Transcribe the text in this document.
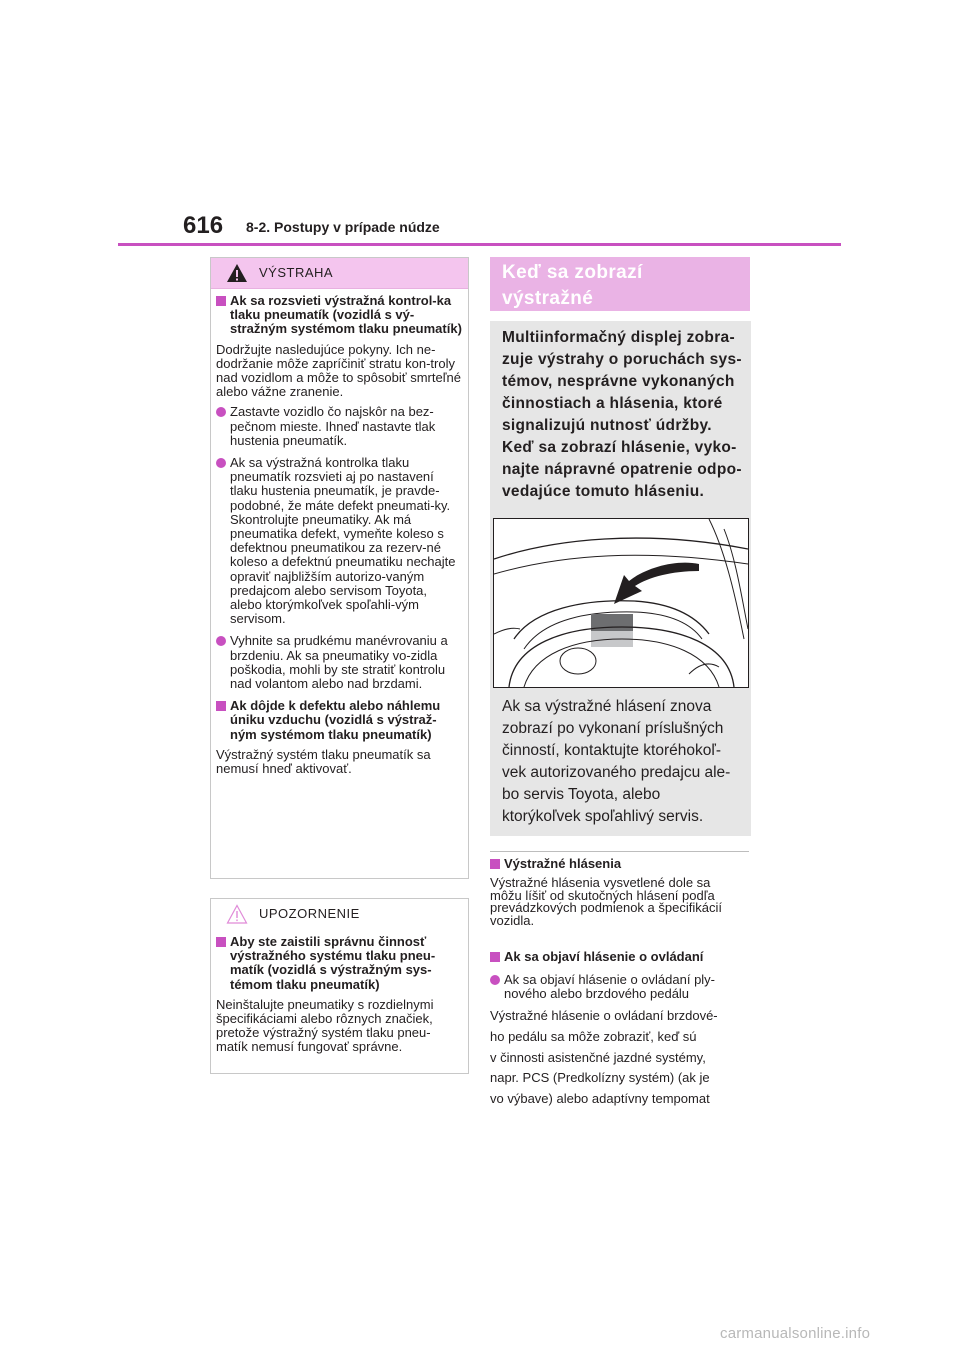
616 8-2. Postupy v prípade núdze
VÝSTRAHA
Ak sa rozsvieti výstražná kontrol-ka tlaku pneumatík (vozidlá s vý-stražným systémom tlaku pneumatík)
Dodržujte nasledujúce pokyny. Ich ne-dodržanie môže zapríčiniť stratu kon-troly nad vozidlom a môže to spôsobiť smrteľné alebo vážne zranenie.
Zastavte vozidlo čo najskôr na bez-pečnom mieste. Ihneď nastavte tlak hustenia pneumatík.
Ak sa výstražná kontrolka tlaku pneumatík rozsvieti aj po nastavení tlaku hustenia pneumatík, je pravde-podobné, že máte defekt pneumati-ky. Skontrolujte pneumatiky. Ak má pneumatika defekt, vymeňte koleso s defektnou pneumatikou za rezerv-né koleso a defektnú pneumatiku nechajte opraviť najbližším autorizo-vaným predajcom alebo servisom Toyota, alebo ktorýmkoľvek spoľahli-vým servisom.
Vyhnite sa prudkému manévrovaniu a brzdeniu. Ak sa pneumatiky vo-zidla poškodia, mohli by ste stratiť kontrolu nad volantom alebo nad brzdami.
Ak dôjde k defektu alebo náhlemu úniku vzduchu (vozidlá s výstraž-ným systémom tlaku pneumatík)
Výstražný systém tlaku pneumatík sa nemusí hneď aktivovať.
UPOZORNENIE
Aby ste zaistili správnu činnosť výstražného systému tlaku pneu-matík (vozidlá s výstražným sys-témom tlaku pneumatík)
Neinštalujte pneumatiky s rozdielnymi špecifikáciami alebo rôznych značiek, pretože výstražný systém tlaku pneu-matík nemusí fungovať správne.
Keď sa zobrazí výstražné
Multiinformačný displej zobra-
zuje výstrahy o poruchách sys-
témov, nesprávne vykonaných
činnostiach a hlásenia, ktoré
signalizujú nutnosť údržby.
Keď sa zobrazí hlásenie, vyko-
najte nápravné opatrenie odpo-
vedajúce tomuto hláseniu.
Ak sa výstražné hlásení znova
zobrazí po vykonaní príslušných
činností, kontaktujte ktoréhokoľ-
vek autorizovaného predajcu ale-
bo servis Toyota, alebo
ktorýkoľvek spoľahlivý servis.
Výstražné hlásenia
Výstražné hlásenia vysvetlené dole sa
môžu líšiť od skutočných hlásení podľa
prevádzkových podmienok a špecifikácií
vozidla.
Ak sa objaví hlásenie o ovládaní
Ak sa objaví hlásenie o ovládaní ply-nového alebo brzdového pedálu
Výstražné hlásenie o ovládaní brzdové-
ho pedálu sa môže zobraziť, keď sú
v činnosti asistenčné jazdné systémy,
napr. PCS (Predkolízny systém) (ak je
vo výbave) alebo adaptívny tempomat
carmanualsonline.info
